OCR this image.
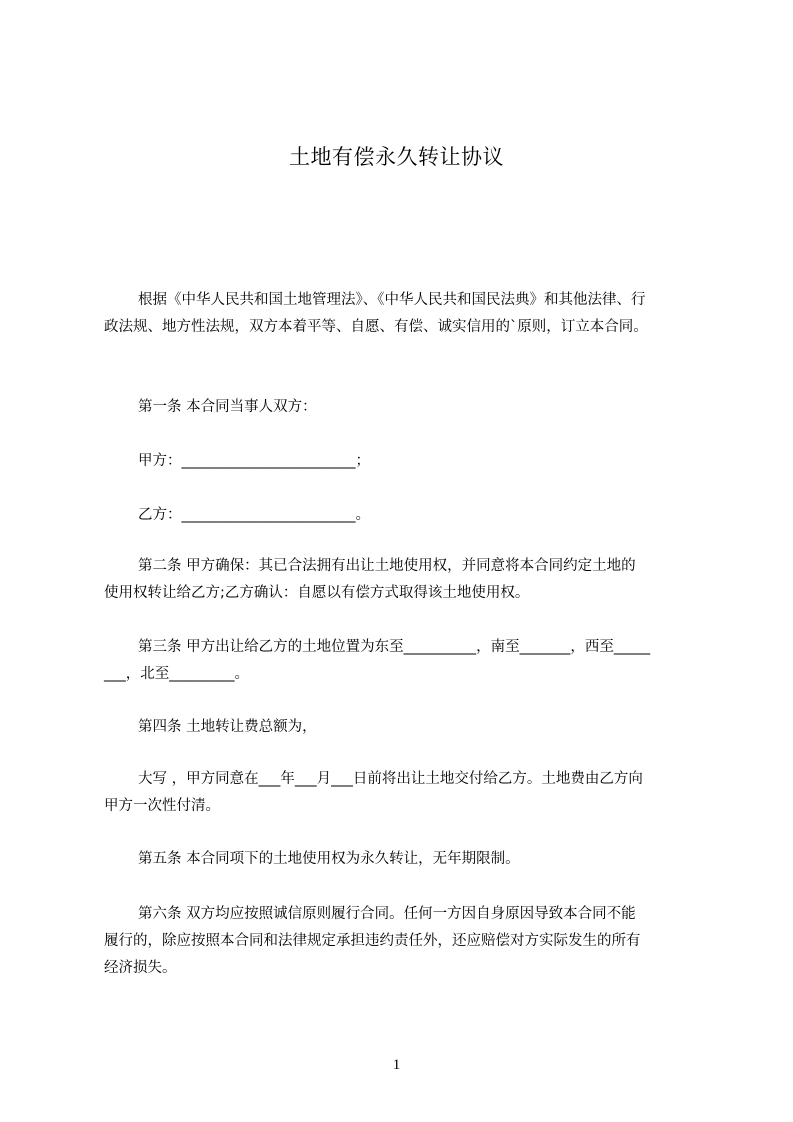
土地有偿永久转让协议
根据《中华人民共和国土地管理法》、《中华人民共和国民法典》和其他法律、行
政法规、地方性法规，双方本着平等、自愿、有偿、诚实信用的`原则，订立本合同。
第一条 本合同当事人双方：
甲方：________________________；
乙方：________________________。
第二条 甲方确保：其已合法拥有出让土地使用权，并同意将本合同约定土地的
使用权转让给乙方;乙方确认：自愿以有偿方式取得该土地使用权。
第三条 甲方出让给乙方的土地位置为东至__________，南至_______，西至_____
___，北至_________。
第四条 土地转让费总额为，
大写 ，甲方同意在___年___月___日前将出让土地交付给乙方。土地费由乙方向
甲方一次性付清。
第五条 本合同项下的土地使用权为永久转让，无年期限制。
第六条 双方均应按照诚信原则履行合同。任何一方因自身原因导致本合同不能
履行的，除应按照本合同和法律规定承担违约责任外，还应赔偿对方实际发生的所有
经济损失。
1
